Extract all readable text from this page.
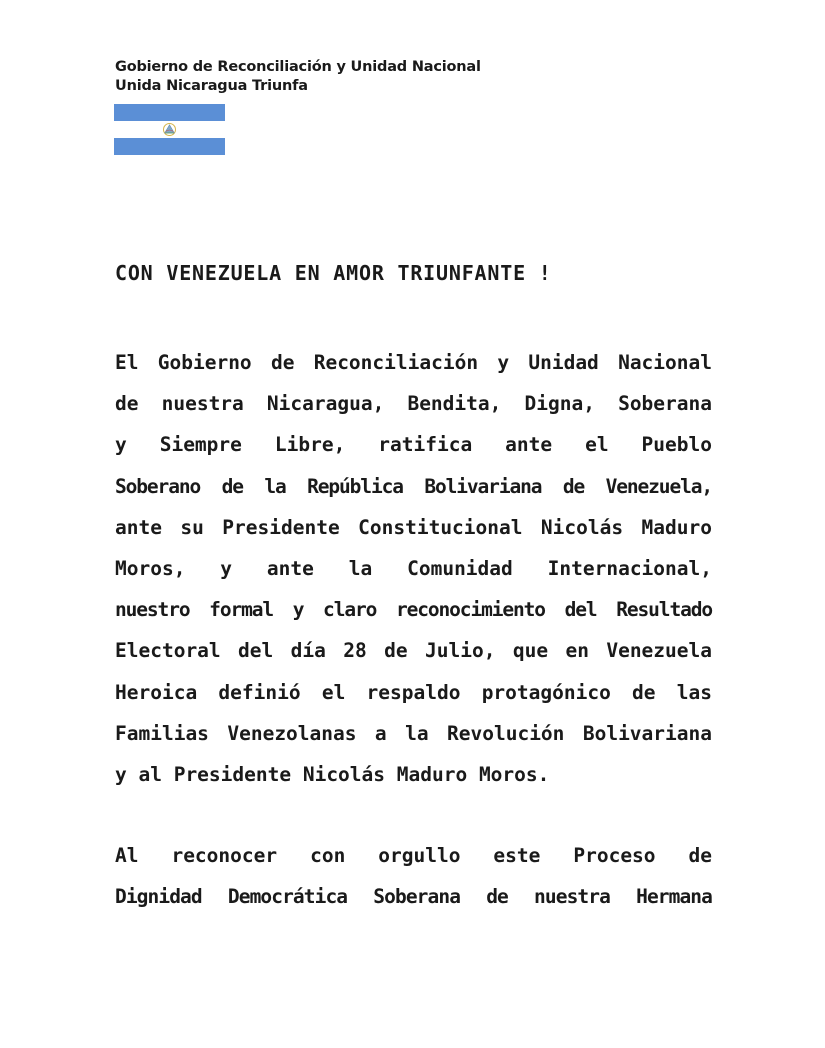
Gobierno de Reconciliación y Unidad Nacional
Unida Nicaragua Triunfa
CON VENEZUELA EN AMOR TRIUNFANTE !
El Gobierno de Reconciliación y Unidad Nacional
de nuestra Nicaragua, Bendita, Digna, Soberana
y Siempre Libre, ratifica ante el Pueblo
Soberano de la República Bolivariana de Venezuela,
ante su Presidente Constitucional Nicolás Maduro
Moros, y ante la Comunidad Internacional,
nuestro formal y claro reconocimiento del Resultado
Electoral del día 28 de Julio, que en Venezuela
Heroica definió el respaldo protagónico de las
Familias Venezolanas a la Revolución Bolivariana
y al Presidente Nicolás Maduro Moros.
Al reconocer con orgullo este Proceso de
Dignidad Democrática Soberana de nuestra Hermana
